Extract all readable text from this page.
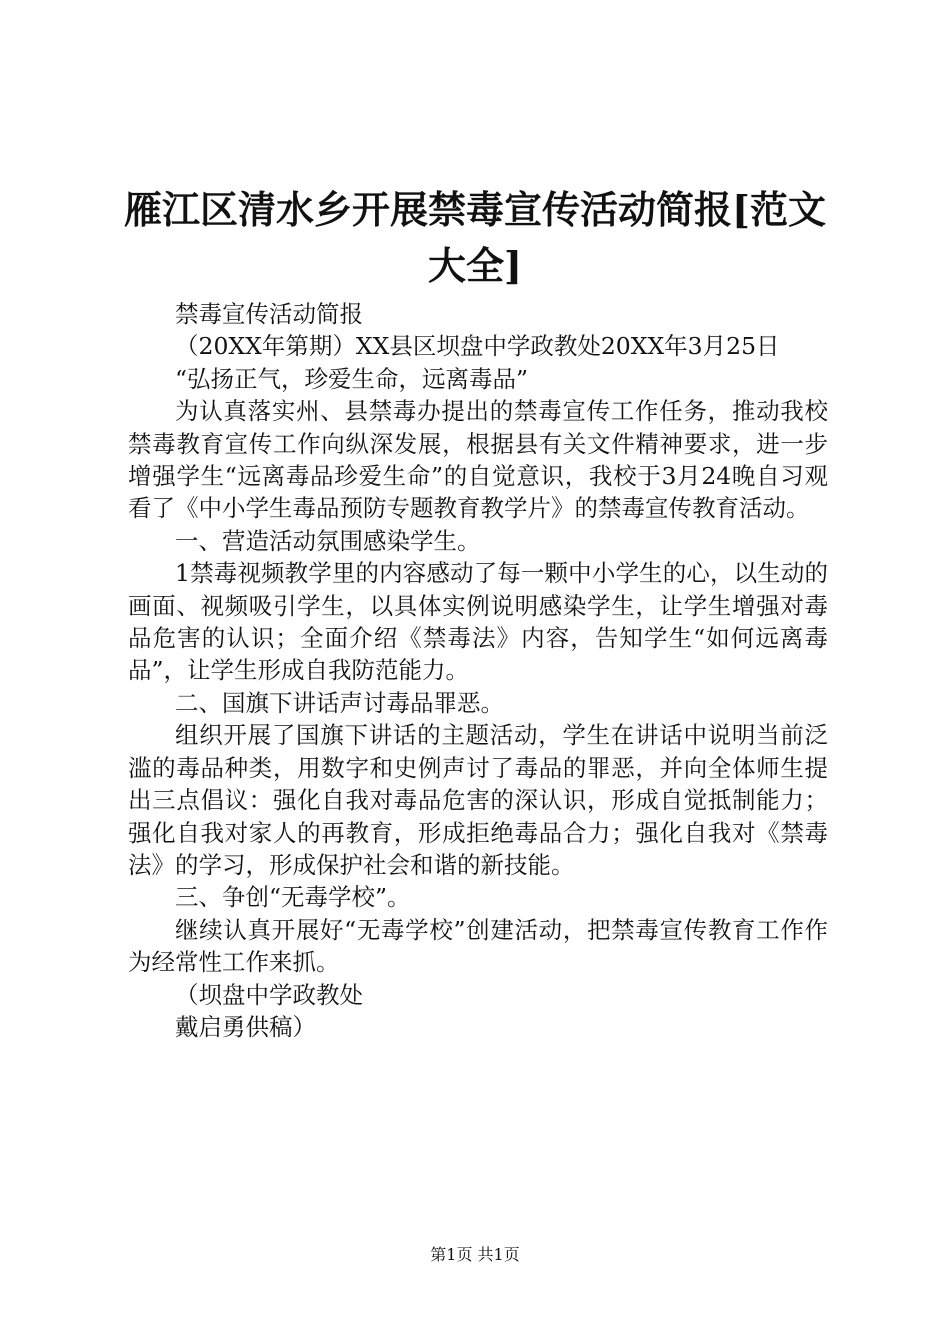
雁江区清水乡开展禁毒宣传活动简报[范文大全]

禁毒宣传活动简报

（20XX年第期）XX县区坝盘中学政教处20XX年3月25日

“弘扬正气，珍爱生命，远离毒品”

为认真落实州、县禁毒办提出的禁毒宣传工作任务，推动我校禁毒教育宣传工作向纵深发展，根据县有关文件精神要求，进一步增强学生“远离毒品珍爱生命”的自觉意识，我校于3月24晚自习观看了《中小学生毒品预防专题教育教学片》的禁毒宣传教育活动。

一、营造活动氛围感染学生。

1禁毒视频教学里的内容感动了每一颗中小学生的心，以生动的画面、视频吸引学生，以具体实例说明感染学生，让学生增强对毒品危害的认识；全面介绍《禁毒法》内容，告知学生“如何远离毒品”，让学生形成自我防范能力。

二、国旗下讲话声讨毒品罪恶。

组织开展了国旗下讲话的主题活动，学生在讲话中说明当前泛滥的毒品种类，用数字和史例声讨了毒品的罪恶，并向全体师生提出三点倡议：强化自我对毒品危害的深认识，形成自觉抵制能力；强化自我对家人的再教育，形成拒绝毒品合力；强化自我对《禁毒法》的学习，形成保护社会和谐的新技能。

三、争创“无毒学校”。

继续认真开展好“无毒学校”创建活动，把禁毒宣传教育工作作为经常性工作来抓。

（坝盘中学政教处

戴启勇供稿）

第1页 共1页
